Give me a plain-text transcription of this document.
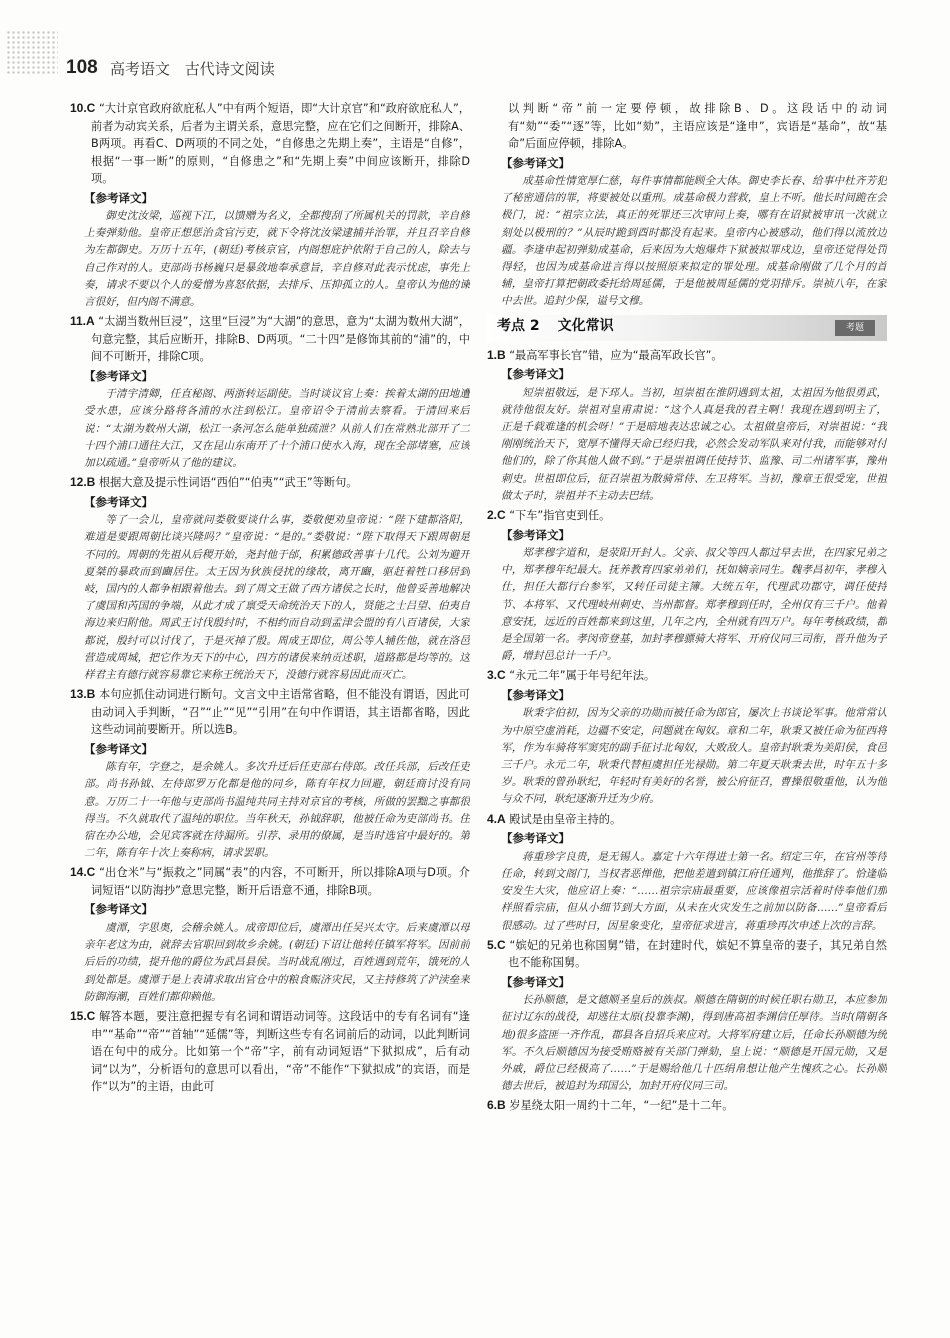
108 高考语文 古代诗文阅读

10.C “大计京官政府欲庇私人”中有两个短语，即“大计京官”和“政府欲庇私人”，前者为动宾关系，后者为主谓关系，意思完整，应在它们之间断开，排除A、B两项。再看C、D两项的不同之处，“自修患之先期上奏”，主语是“自修”，根据“一事一断”的原则，“自修患之”和“先期上奏”中间应该断开，排除D项。

【 参考译文 】

御史沈汝梁，巡视下江，以馈赠为名义，全都搜刮了所属机关的罚款，辛自修上奏弹劾他。皇帝正想惩治贪官污吏，就下令将沈汝梁逮捕并治罪，并且召辛自修为左都御史。万历十五年，(朝廷)考核京官，内阁想庇护依附于自己的人，除去与自己作对的人。吏部尚书杨巍只是暴敛地奉承意旨，辛自修对此表示忧虑，事先上奏，请求不要以个人的爱憎为喜怒依据，去排斥、压抑孤立的人。皇帝认为他的谏言很好，但内阁不满意。

11.A “太湖当数州巨浸”，这里“巨浸”为“大湖”的意思，意为“太湖为数州大湖”，句意完整，其后应断开，排除B、D两项。“二十四”是修饰其前的“浦”的，中间不可断开，排除C项。

【 参考译文 】

于清宇清卿，任直秘阁、两浙转运副使。当时谈议官上奏：挨着太湖的田地遭受水患，应该分路将各浦的水注到松江。皇帝诏令于清前去察看。于清回来后说：“太湖为数州大湖，松江一条河怎么能单独疏泄？从前人们在常熟北部开了二十四个浦口通往大江，又在昆山东南开了十个浦口使水入海，现在全部堵塞，应该加以疏通。”皇帝听从了他的建议。

12.B 根据大意及提示性词语“西伯”“伯夷”“武王”等断句。

【 参考译文 】

等了一会儿，皇帝就问娄敬要谈什么事，娄敬便劝皇帝说：“陛下建都洛阳，难道是要跟周朝比谈兴隆吗？”皇帝说：“是的。”娄敬说：“陛下取得天下跟周朝是不同的。周朝的先祖从后稷开始，尧封他于邰，积累德政善事十几代。公刘为避开夏桀的暴政而到豳居住。太王因为狄族侵扰的缘故，离开豳，驱赶着牲口移居到岐，国内的人都争相跟着他去。到了周文王做了西方诸侯之长时，他曾妥善地解决了虞国和芮国的争端，从此才成了禀受天命统治天下的人，贤能之士吕望、伯夷自海边来归附他。周武王讨伐殷纣时，不相约而自动到孟津会盟的有八百诸侯，大家都说，殷纣可以讨伐了，于是灭掉了殷。周成王即位，周公等人辅佐他，就在洛邑营造成周城，把它作为天下的中心，四方的诸侯来纳贡述职，道路都是均等的。这样君主有德行就容易靠它来称王统治天下，没德行就容易因此而灭亡。

13.B 本句应抓住动词进行断句。文言文中主语常省略，但不能没有谓语，因此可由动词入手判断，“召”“止”“见”“引用”在句中作谓语，其主语都省略，因此这些动词前要断开。所以选B。

【 参考译文 】

陈有年，字登之，是余姚人。多次升迁后任吏部右侍郎。改任兵部，后改任吏部。尚书孙钺、左侍郎罗万化都是他的同乡，陈有年权力回避，朝廷商讨没有同意。万历二十一年他与吏部尚书温纯共同主持对京官的考核，所做的罢黜之事都很得当。不久就取代了温纯的职位。当年秋天，孙钺辞职，他被任命为吏部尚书。住宿在办公地，会见宾客就在待漏所。引荐、录用的僚属，是当时选官中最好的。第二年，陈有年十次上奏称病，请求罢职。

14.C “出仓米”与“振救之”同属“表”的内容，不可断开，所以排除A项与D项。介词短语“以防海抄”意思完整，断开后语意不通，排除B项。

【 参考译文 】

虞潭，字思奥，会稽余姚人。成帝即位后，虞潭出任吴兴太守。后来虞潭以母亲年老这为由，就辞去官职回到故乡余姚。(朝廷)下诏让他转任镇军将军。因前前后后的功绩，提升他的爵位为武昌县侯。当时战乱刚过，百姓遇到荒年，饿死的人到处都是。虞潭于是上表请求取出官仓中的粮食赈济灾民，又主持修筑了沪渎垒来防御海潮，百姓们都仰赖他。

15.C 解答本题，要注意把握专有名词和谓语动词等。这段话中的专有名词有“逢申”“基命”“帝”“首轴”“延儒”等，判断这些专有名词前后的动词，以此判断词语在句中的成分。比如第一个“帝”字，前有动词短语“下狱拟成”，后有动词“以为”，分析语句的意思可以看出，“帝”不能作“下狱拟成”的宾语，而是作“以为”的主语，由此可

以判断“帝”前一定要停顿，故排除B、D。这段话中的动词有“劾”“委”“逐”等，比如“劾”，主语应该是“逢申”，宾语是“基命”，故“基命”后面应停顿，排除A。

【 参考译文 】

成基命性情宽厚仁慈，每件事情都能顾全大体。御史李长春、给事中杜齐芳犯了秘密通信的罪，将要被处以重刑。成基命极力营救，皇上不听。他长时间跪在会极门，说：“祖宗立法，真正的死罪还三次审问上奏，哪有在诏狱被审讯一次就立刻处以极刑的？”从辰时跪到酉时都没有起来。皇帝内心被感动，他们得以流放边疆。李逢申起初弹劾成基命，后来因为大炮爆炸下狱被拟罪戍边，皇帝还觉得处罚得轻，也因为成基命进言得以按照原来拟定的罪处理。成基命刚做了几个月的首辅，皇帝打算把朝政委托给周延儒，于是他被周延儒的党羽排斥。崇祯八年，在家中去世。追封少保，谥号文穆。

考点 2 文化常识	考题

1.B “最高军事长官”错，应为“最高军政长官”。

【 参考译文 】

短崇祖敬远，是下邳人。当初，垣崇祖在淮阴遇到太祖，太祖因为他很勇武，就待他很友好。崇祖对皇甫肃说：“这个人真是我的君主啊！我现在遇到明主了，正是千载难逢的机会呀！”于是暗地表达忠诚之心。太祖做皇帝后，对崇祖说：“我刚刚统治天下，宽厚不懂得天命已经归我，必然会发动军队来对付我，而能够对付他们的，除了你其他人做不到。”于是崇祖调任使持节、监豫、司二州诸军事，豫州刺史。世祖即位后，征召崇祖为散骑常侍、左卫将军。当初，豫章王很受宠，世祖做太子时，崇祖并不主动去巴结。

2.C “下车”指官吏到任。

【 参考译文 】

郑孝穆字道和，是荥阳开封人。父亲、叔父等四人都过早去世，在四家兄弟之中，郑孝穆年纪最大。抚养教育四家弟弟们，抚如嫡亲同生。魏孝昌初年，孝穆入仕，担任大都行台参军，又转任司徒主簿。大统五年，代理武功郡守，调任使持节、本将军、又代理岐州刺史、当州都督。郑孝穆到任时，全州仅有三千户。他着意安抚，远近的百姓都来到这里，几年之内，全州就有四万户。每年考核政绩，都是全国第一名。孝闵帝登基，加封孝穆骠骑大将军、开府仪同三司衔，晋升他为子爵，增封邑总计一千户。

3.C “永元二年”属于年号纪年法。

【 参考译文 】

耿秉字伯初，因为父亲的功勋而被任命为郎官，屡次上书谈论军事。他常常认为中原空虚消耗，边疆不安定，问题就在匈奴。章和二年，耿秉又被任命为征西将军，作为车骑将军窦宪的副手征讨北匈奴，大败敌人。皇帝封耿秉为美阳侯，食邑三千户。永元二年，耿秉代替桓虞担任光禄勋。第二年夏天耿秉去世，时年五十多岁。耿秉的曾孙耿纪，年轻时有美好的名誉，被公府征召，曹操很敬重他，认为他与众不同，耿纪逐渐升迁为少府。

4.A 殿试是由皇帝主持的。

【 参考译文 】

蒋重珍字良贵，是无锡人。嘉定十六年得进士第一名。绍定三年，在官州等待任命，转到文阁门，当权者恶惮他，把他差遣到镇江府任通判，他推辞了。恰逢临安发生大灾，他应诏上奏：“……祖宗宗庙最重要，应该像祖宗活着时侍奉他们那样照看宗庙，但从小细节到大方面，从未在火灾发生之前加以防备……”皇帝看后很感动。过了些时日，因星象变化，皇帝征求进言，蒋重珍再次申述上次的言辞。

5.C “嫔妃的兄弟也称国舅”错，在封建时代，嫔妃不算皇帝的妻子，其兄弟自然也不能称国舅。

【 参考译文 】

长孙顺德，是文德顺圣皇后的族叔。顺德在隋朝的时候任职右勋卫，本应参加征讨辽东的战役，却逃往太原(投靠李渊)，得到唐高祖李渊信任厚待。当时(隋朝各地)很多盗匪一齐作乱，郡县各自招兵来应对。大将军府建立后，任命长孙顺德为统军。不久后顺德因为接受贿赂被有关部门弹劾，皇上说：“顺德是开国元勋，又是外戚，爵位已经极高了……”于是赐给他几十匹绢帛想让他产生愧疚之心。长孙顺德去世后，被追封为邳国公，加封开府仪同三司。

6.B 岁星绕太阳一周约十二年，“一纪”是十二年。
